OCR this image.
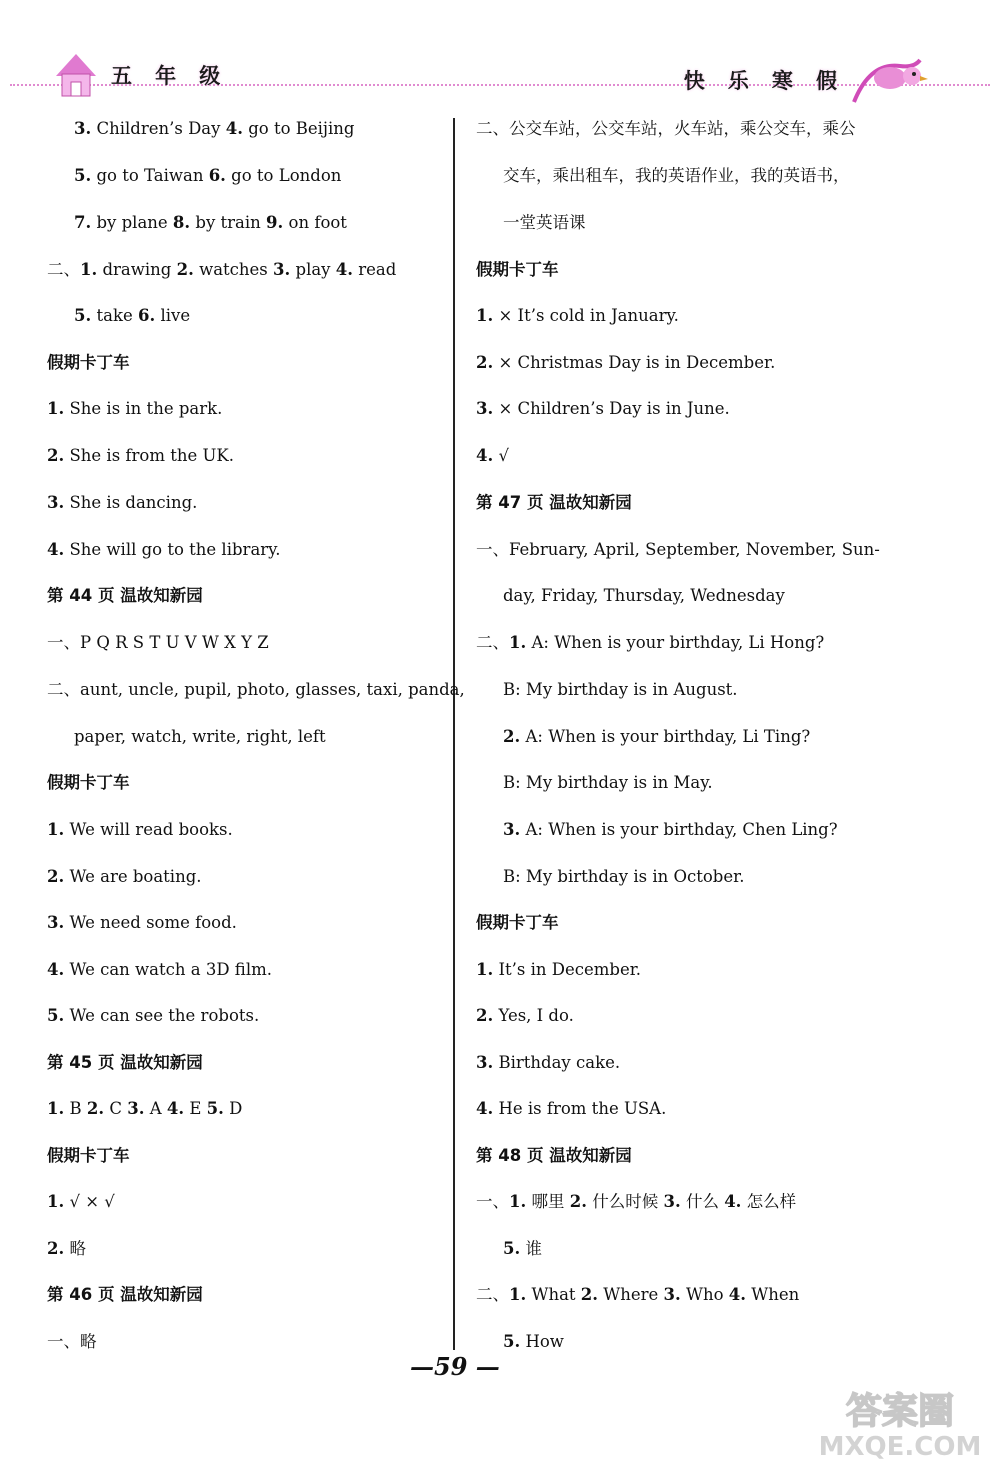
五 年 级	快 乐 寒 假
3. Children’s Day 4. go to Beijing
5. go to Taiwan 6. go to London
7. by plane 8. by train 9. on foot
二、1. drawing 2. watches 3. play 4. read
5. take 6. live
假期卡丁车
1. She is in the park.
2. She is from the UK.
3. She is dancing.
4. She will go to the library.
第 44 页 温故知新园
一、P Q R S T U V W X Y Z
二、aunt, uncle, pupil, photo, glasses, taxi, panda,
paper, watch, write, right, left
假期卡丁车
1. We will read books.
2. We are boating.
3. We need some food.
4. We can watch a 3D film.
5. We can see the robots.
第 45 页 温故知新园
1. B 2. C 3. A 4. E 5. D
假期卡丁车
1. √ × √
2. 略
第 46 页 温故知新园
一、略
二、公交车站，公交车站，火车站，乘公交车，乘公
交车，乘出租车，我的英语作业，我的英语书，
一堂英语课
假期卡丁车
1. × It’s cold in January.
2. × Christmas Day is in December.
3. × Children’s Day is in June.
4. √
第 47 页 温故知新园
一、February, April, September, November, Sun-
day, Friday, Thursday, Wednesday
二、1. A: When is your birthday, Li Hong?
B: My birthday is in August.
2. A: When is your birthday, Li Ting?
B: My birthday is in May.
3. A: When is your birthday, Chen Ling?
B: My birthday is in October.
假期卡丁车
1. It’s in December.
2. Yes, I do.
3. Birthday cake.
4. He is from the USA.
第 48 页 温故知新园
一、1. 哪里 2. 什么时候 3. 什么 4. 怎么样
5. 谁
二、1. What 2. Where 3. Who 4. When
5. How
—59 —
答案圈
MXQE.COM
